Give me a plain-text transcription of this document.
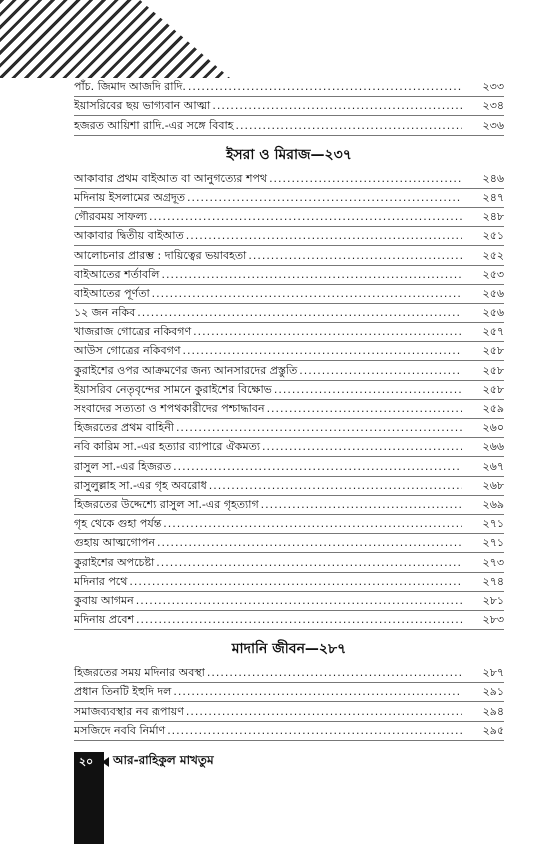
পাঁচ. জিমাদ আজদি রাদি. .....	২৩৩
ইয়াসরিবের ছয় ভাগ্যবান আত্মা .....	২৩৪
হজরত আয়িশা রাদি.-এর সঙ্গে বিবাহ .....	২৩৬
ইসরা ও মিরাজ—২৩৭
আকাবার প্রথম বাইআত বা আনুগত্যের শপথ .....	২৪৬
মদিনায় ইসলামের অগ্রদূত .....	২৪৭
গৌরবময় সাফল্য .....	২৪৮
আকাবার দ্বিতীয় বাইআত .....	২৫১
আলোচনার প্রারম্ভ : দায়িত্বের ভয়াবহতা .....	২৫২
বাইআতের শর্তাবলি .....	২৫৩
বাইআতের পূর্ণতা .....	২৫৬
১২ জন নকিব .....	২৫৬
খাজরাজ গোত্রের নকিবগণ .....	২৫৭
আউস গোত্রের নকিবগণ .....	২৫৮
কুরাইশের ওপর আক্রমণের জন্য আনসারদের প্রস্তুতি .....	২৫৮
ইয়াসরিব নেতৃবৃন্দের সামনে কুরাইশের বিক্ষোভ .....	২৫৮
সংবাদের সত্যতা ও শপথকারীদের পশ্চাদ্ধাবন .....	২৫৯
হিজরতের প্রথম বাহিনী .....	২৬০
নবি কারিম সা.-এর হত্যার ব্যাপারে ঐকমত্য .....	২৬৬
রাসুল সা.-এর হিজরত .....	২৬৭
রাসুলুল্লাহ সা.-এর গৃহ অবরোধ .....	২৬৮
হিজরতের উদ্দেশ্যে রাসুল সা.-এর গৃহত্যাগ .....	২৬৯
গৃহ থেকে গুহা পর্যন্ত .....	২৭১
গুহায় আত্মগোপন .....	২৭১
কুরাইশের অপচেষ্টা .....	২৭৩
মদিনার পথে .....	২৭৪
কুবায় আগমন .....	২৮১
মদিনায় প্রবেশ .....	২৮৩
মাদানি জীবন—২৮৭
হিজরতের সময় মদিনার অবস্থা .....	২৮৭
প্রধান তিনটি ইহুদি দল .....	২৯১
সমাজব্যবস্থার নব রূপায়ণ .....	২৯৪
মসজিদে নববি নির্মাণ .....	২৯৫
২০	আর-রাহিকুল মাখতুম
